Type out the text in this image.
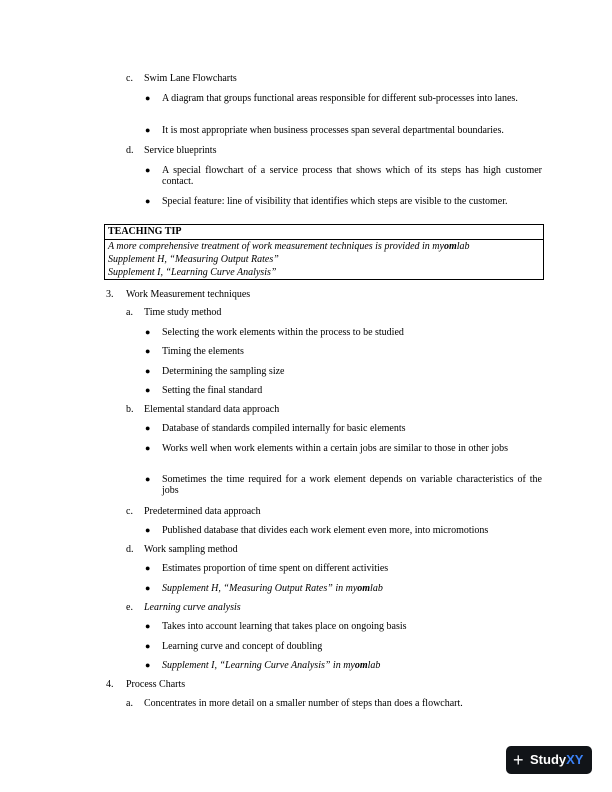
c. Swim Lane Flowcharts
● A diagram that groups functional areas responsible for different sub-processes into lanes.
● It is most appropriate when business processes span several departmental boundaries.
d. Service blueprints
● A special flowchart of a service process that shows which of its steps has high customer contact.
● Special feature: line of visibility that identifies which steps are visible to the customer.
TEACHING TIP
A more comprehensive treatment of work measurement techniques is provided in myomlab
Supplement H, “Measuring Output Rates”
Supplement I, “Learning Curve Analysis”
3. Work Measurement techniques
a. Time study method
● Selecting the work elements within the process to be studied
● Timing the elements
● Determining the sampling size
● Setting the final standard
b. Elemental standard data approach
● Database of standards compiled internally for basic elements
● Works well when work elements within a certain jobs are similar to those in other jobs
● Sometimes the time required for a work element depends on variable characteristics of the jobs
c. Predetermined data approach
● Published database that divides each work element even more, into micromotions
d. Work sampling method
● Estimates proportion of time spent on different activities
● Supplement H, “Measuring Output Rates” in myomlab
e. Learning curve analysis
● Takes into account learning that takes place on ongoing basis
● Learning curve and concept of doubling
● Supplement I, “Learning Curve Analysis” in myomlab
4. Process Charts
a. Concentrates in more detail on a smaller number of steps than does a flowchart.
+ StudyXY
